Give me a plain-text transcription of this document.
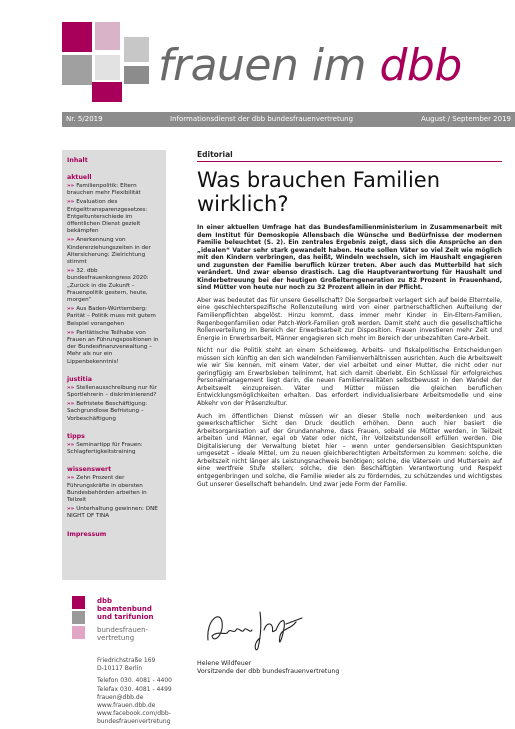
frauen im dbb
Nr. 5/2019	Informationsdienst der dbb bundesfrauenvertretung	August / September 2019
Inhalt
aktuell
»» Familienpolitik: Eltern brauchen mehr Flexibilität
»» Evaluation des Entgelttransparenzgesetzes: Entgeltunterschiede im öffentlichen Dienst gezielt bekämpfen
»» Anerkennung von Kindererziehungszeiten in der Altersicherung: Zielrichtung stimmt
»» 32. dbb bundesfrauenkongress 2020: „Zurück in die Zukunft – Frauenpolitik gestern, heute, morgen“
»» Aus Baden-Württemberg: Parität – Politik muss mit gutem Beispiel vorangehen
»» Paritätische Teilhabe von Frauen an Führungspositionen in der Bundesfinanzverwaltung – Mehr als nur ein Lippenbekenntnis!
justitia
»» Stellenausschreibung nur für Sportlehrerin – diskriminierend?
»» Befristete Beschäftigung: Sachgrundlose Befristung – Vorbeschäftigung
tipps
»» Seminartipp für Frauen: Schlagfertigkeitstraining
wissenswert
»» Zehn Prozent der Führungskräfte in obersten Bundesbehörden arbeiten in Teilzeit
»» Unterhaltung gewinnen: ONE NIGHT OF TINA
Impressum
dbb
beamtenbund
und tarifunion
bundesfrauen-
vertretung
Friedrichstraße 169
D-10117 Berlin
Telefon 030. 4081 - 4400
Telefax 030. 4081 - 4499
frauen@dbb.de
www.frauen.dbb.de
www.facebook.com/dbb-
bundesfrauenvertretung
Editorial
Was brauchen Familien wirklich?

In einer aktuellen Umfrage hat das Bundesfamilienministerium in Zusammenarbeit mit dem Institut für Demoskopie Allensbach die Wünsche und Bedürfnisse der modernen Familie beleuchtet (S. 2). Ein zentrales Ergebnis zeigt, dass sich die Ansprüche an den „idealen“ Vater sehr stark gewandelt haben. Heute sollen Väter so viel Zeit wie möglich mit den Kindern verbringen, das heißt, Windeln wechseln, sich im Haushalt engagieren und zugunsten der Familie beruflich kürzer treten. Aber auch das Mutterbild hat sich verändert. Und zwar ebenso drastisch. Lag die Hauptverantwortung für Haushalt und Kinderbetreuung bei der heutigen Großelterngeneration zu 82 Prozent in Frauenhand, sind Mütter von heute nur noch zu 32 Prozent allein in der Pflicht.

Aber was bedeutet das für unsere Gesellschaft? Die Sorgearbeit verlagert sich auf beide Elternteile, eine geschlechterspezifische Rollenzuteilung wird von einer partnerschaftlichen Aufteilung der Familienpflichten abgelöst. Hinzu kommt, dass immer mehr Kinder in Ein-Eltern-Familien, Regenbogenfamilien oder Patch-Work-Familien groß werden. Damit steht auch die gesellschaftliche Rollenverteilung im Bereich der Erwerbsarbeit zur Disposition. Frauen investieren mehr Zeit und Energie in Erwerbsarbeit, Männer engagieren sich mehr im Bereich der unbezahlten Care-Arbeit.

Nicht nur die Politik steht an einem Scheideweg. Arbeits- und fiskalpolitische Entscheidungen müssen sich künftig an den sich wandelnden Familienverhältnissen ausrichten. Auch die Arbeitswelt wie wir Sie kennen, mit einem Vater, der viel arbeitet und einer Mutter, die nicht oder nur geringfügig am Erwerbsleben teilnimmt, hat sich damit überlebt. Ein Schlüssel für erfolgreiches Personalmanagement liegt darin, die neuen Familienrealitäten selbstbewusst in den Wandel der Arbeitswelt einzupreisen. Väter und Mütter müssen die gleichen beruflichen Entwicklungsmöglichkeiten erhalten. Das erfordert individualisierbare Arbeitsmodelle und eine Abkehr von der Präsenzkultur.

Auch im öffentlichen Dienst müssen wir an dieser Stelle noch weiterdenken und aus gewerkschaftlicher Sicht den Druck deutlich erhöhen. Denn auch hier basiert die Arbeitsorganisation auf der Grundannahme, dass Frauen, sobald sie Mütter werden, in Teilzeit arbeiten und Männer, egal ob Vater oder nicht, ihr Vollzeitstundensoll erfüllen werden. Die Digitalisierung der Verwaltung bietet hier – wenn unter gendersensiblen Gesichtspunkten umgesetzt – ideale Mittel, um zu neuen gleichberechtigten Arbeitsformen zu kommen: solche, die Arbeitszeit nicht länger als Leistungsnachweis benötigen; solche, die Vätersein und Muttersein auf eine wertfreie Stufe stellen; solche, die den Beschäftigten Verantwortung und Respekt entgegenbringen und solche, die Familie wieder als zu förderndes, zu schützendes und wichtigstes Gut unserer Gesellschaft behandeln. Und zwar jede Form der Familie.

Helene Wildfeuer
Vorsitzende der dbb bundesfrauenvertretung
